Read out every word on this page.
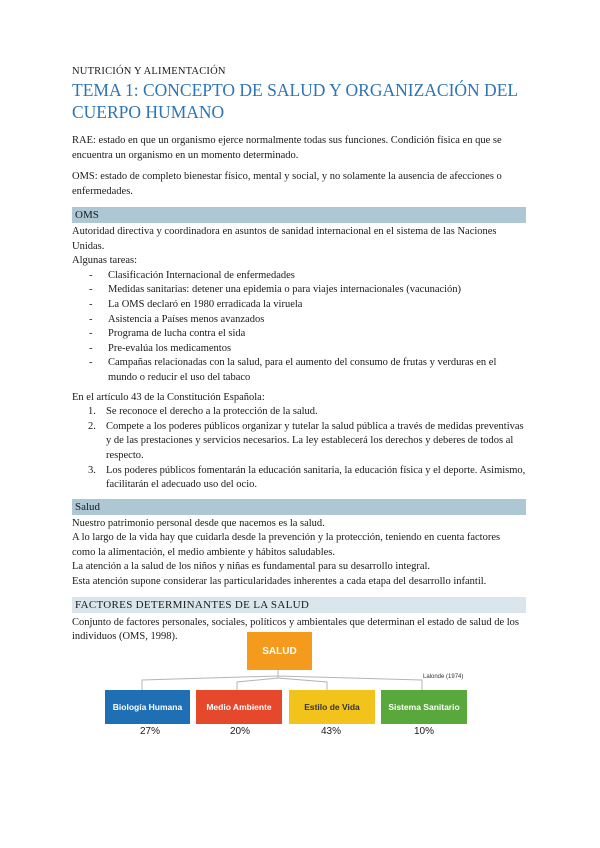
NUTRICIÓN Y ALIMENTACIÓN
TEMA 1: CONCEPTO DE SALUD Y ORGANIZACIÓN DEL CUERPO HUMANO

RAE: estado en que un organismo ejerce normalmente todas sus funciones. Condición física en que se encuentra un organismo en un momento determinado.

OMS: estado de completo bienestar físico, mental y social, y no solamente la ausencia de afecciones o enfermedades.

OMS
Autoridad directiva y coordinadora en asuntos de sanidad internacional en el sistema de las Naciones Unidas.
Algunas tareas:
- Clasificación Internacional de enfermedades
- Medidas sanitarias: detener una epidemia o para viajes internacionales (vacunación)
- La OMS declaró en 1980 erradicada la viruela
- Asistencia a Países menos avanzados
- Programa de lucha contra el sida
- Pre-evalúa los medicamentos
- Campañas relacionadas con la salud, para el aumento del consumo de frutas y verduras en el mundo o reducir el uso del tabaco
En el artículo 43 de la Constitución Española:
1. Se reconoce el derecho a la protección de la salud.
2. Compete a los poderes públicos organizar y tutelar la salud pública a través de medidas preventivas y de las prestaciones y servicios necesarios. La ley establecerá los derechos y deberes de todos al respecto.
3. Los poderes públicos fomentarán la educación sanitaria, la educación física y el deporte. Asimismo, facilitarán el adecuado uso del ocio.
Salud
Nuestro patrimonio personal desde que nacemos es la salud.
A lo largo de la vida hay que cuidarla desde la prevención y la protección, teniendo en cuenta factores como la alimentación, el medio ambiente y hábitos saludables.
La atención a la salud de los niños y niñas es fundamental para su desarrollo integral.
Esta atención supone considerar las particularidades inherentes a cada etapa del desarrollo infantil.
FACTORES DETERMINANTES DE LA SALUD
Conjunto de factores personales, sociales, políticos y ambientales que determinan el estado de salud de los individuos (OMS, 1998).
SALUD
Lalonde (1974)
Biología Humana	Medio Ambiente	Estilo de Vida	Sistema Sanitario
27%	20%	43%	10%
